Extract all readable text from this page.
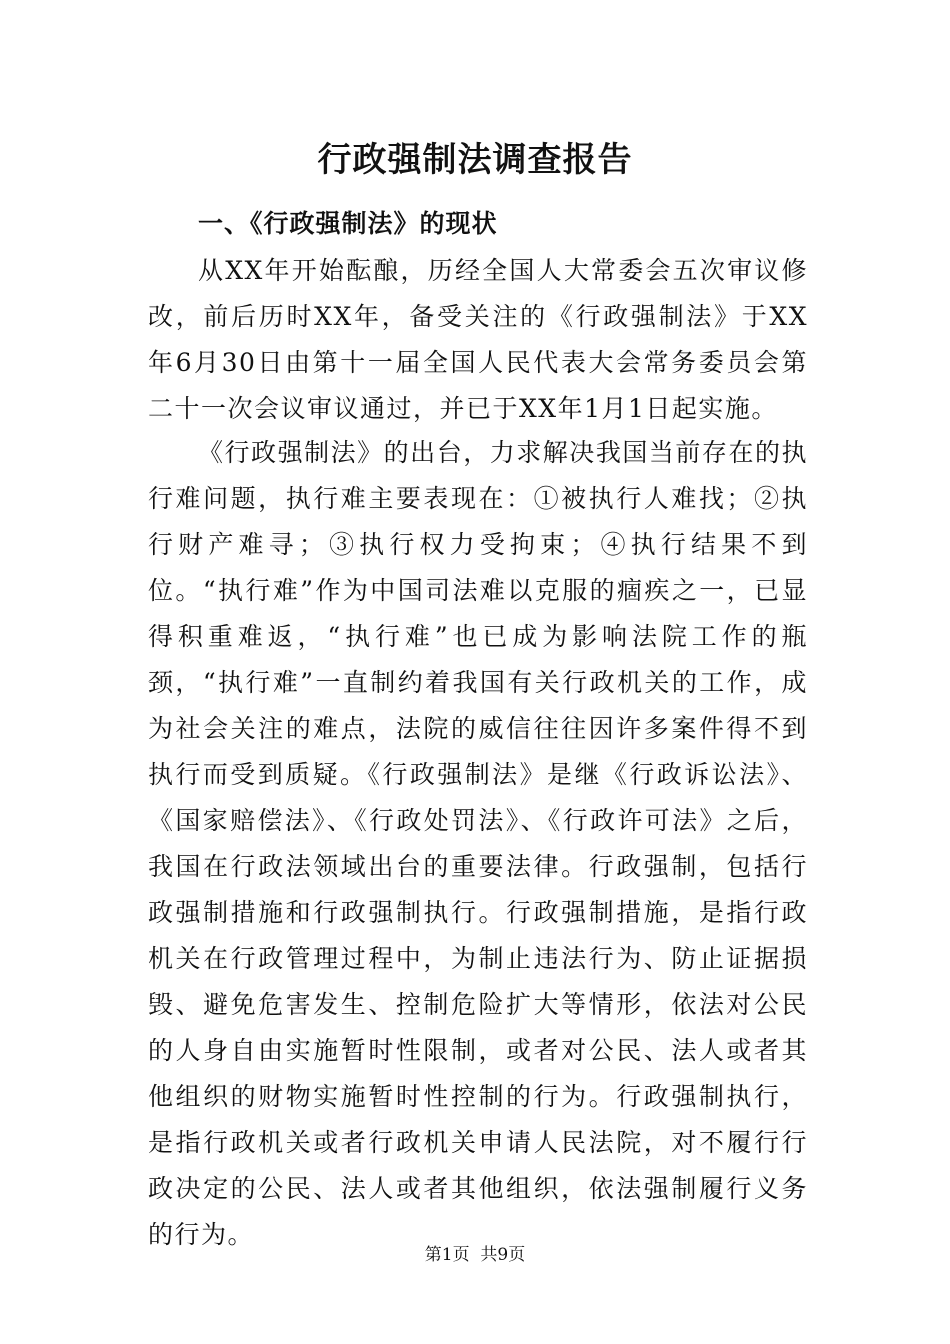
行政强制法调查报告
一、《行政强制法》的现状

从XX年开始酝酿，历经全国人大常委会五次审议修改，前后历时XX年，备受关注的《行政强制法》于XX年6月30日由第十一届全国人民代表大会常务委员会第二十一次会议审议通过，并已于XX年1月1日起实施。

《行政强制法》的出台，力求解决我国当前存在的执行难问题，执行难主要表现在：①被执行人难找；②执行财产难寻；③执行权力受拘束；④执行结果不到位。“执行难”作为中国司法难以克服的痼疾之一，已显得积重难返，“执行难”也已成为影响法院工作的瓶颈，“执行难”一直制约着我国有关行政机关的工作，成为社会关注的难点，法院的威信往往因许多案件得不到执行而受到质疑。《行政强制法》是继《行政诉讼法》、《国家赔偿法》、《行政处罚法》、《行政许可法》之后，我国在行政法领域出台的重要法律。行政强制，包括行政强制措施和行政强制执行。行政强制措施，是指行政机关在行政管理过程中，为制止违法行为、防止证据损毁、避免危害发生、控制危险扩大等情形，依法对公民的人身自由实施暂时性限制，或者对公民、法人或者其他组织的财物实施暂时性控制的行为。行政强制执行，是指行政机关或者行政机关申请人民法院，对不履行行政决定的公民、法人或者其他组织，依法强制履行义务的行为。

第1页 共9页
